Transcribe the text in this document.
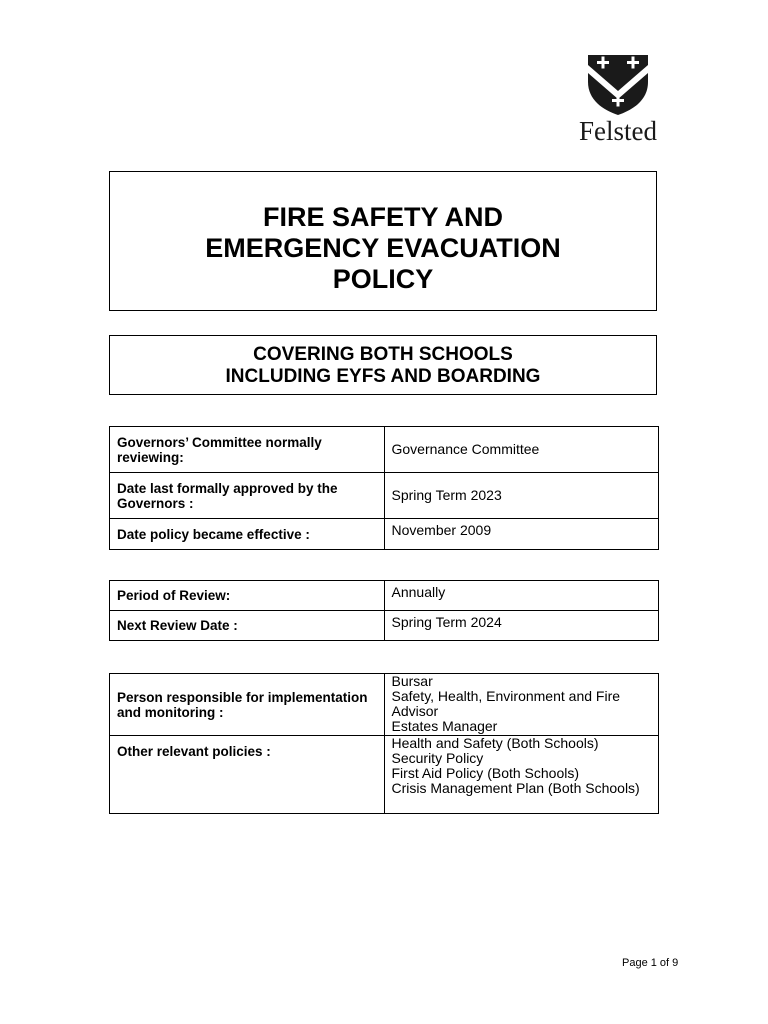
Felsted
FIRE SAFETY AND
EMERGENCY EVACUATION
POLICY
COVERING BOTH SCHOOLS
INCLUDING EYFS AND BOARDING
Governors’ Committee normally reviewing:	Governance Committee
Date last formally approved by the Governors :	Spring Term 2023
Date policy became effective :	November 2009
Period of Review:	Annually
Next Review Date :	Spring Term 2024
Person responsible for implementation and monitoring :	Bursar
Safety, Health, Environment and Fire Advisor
Estates Manager

Other relevant policies :	Health and Safety (Both Schools)
Security Policy
First Aid Policy (Both Schools)
Crisis Management Plan (Both Schools)
Page 1 of 9
